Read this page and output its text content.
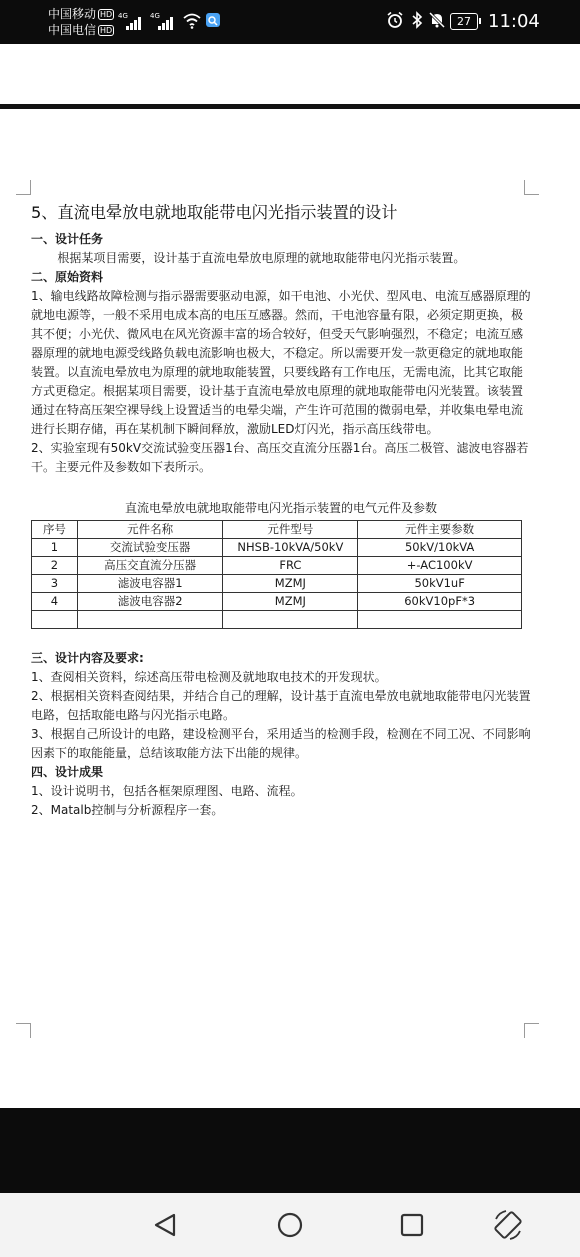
中国移动 HD
中国电信 HD
4G	4G	27 11:04
5、直流电晕放电就地取能带电闪光指示装置的设计

一、设计任务

根据某项目需要，设计基于直流电晕放电原理的就地取能带电闪光指示装置。

二、原始资料

1、输电线路故障检测与指示器需要驱动电源，如干电池、小光伏、型风电、电流互感器原理的就地电源等，一般不采用电成本高的电压互感器。然而，干电池容量有限，必须定期更换，极其不便；小光伏、微风电在风光资源丰富的场合较好，但受天气影响强烈，不稳定；电流互感器原理的就地电源受线路负载电流影响也极大，不稳定。所以需要开发一款更稳定的就地取能装置。以直流电晕放电为原理的就地取能装置，只要线路有工作电压，无需电流，比其它取能方式更稳定。根据某项目需要，设计基于直流电晕放电原理的就地取能带电闪光装置。该装置通过在特高压架空裸导线上设置适当的电晕尖端，产生许可范围的微弱电晕，并收集电晕电流进行长期存储，再在某机制下瞬间释放，激励LED灯闪光，指示高压线带电。

2、实验室现有50kV交流试验变压器1台、高压交直流分压器1台。高压二极管、滤波电容器若干。主要元件及参数如下表所示。

直流电晕放电就地取能带电闪光指示装置的电气元件及参数
序号	元件名称	元件型号	元件主要参数
1	交流试验变压器	NHSB-10kVA/50kV	50kV/10kVA
2	高压交直流分压器	FRC	+-AC100kV
3	滤波电容器1	MZMJ	50kV1uF
4	滤波电容器2	MZMJ	60kV10pF*3

三、设计内容及要求:

1、查阅相关资料，综述高压带电检测及就地取电技术的开发现状。

2、根据相关资料查阅结果，并结合自己的理解，设计基于直流电晕放电就地取能带电闪光装置电路，包括取能电路与闪光指示电路。

3、根据自己所设计的电路，建设检测平台，采用适当的检测手段，检测在不同工况、不同影响因素下的取能能量，总结该取能方法下出能的规律。

四、设计成果

1、设计说明书，包括各框架原理图、电路、流程。

2、Matalb控制与分析源程序一套。
